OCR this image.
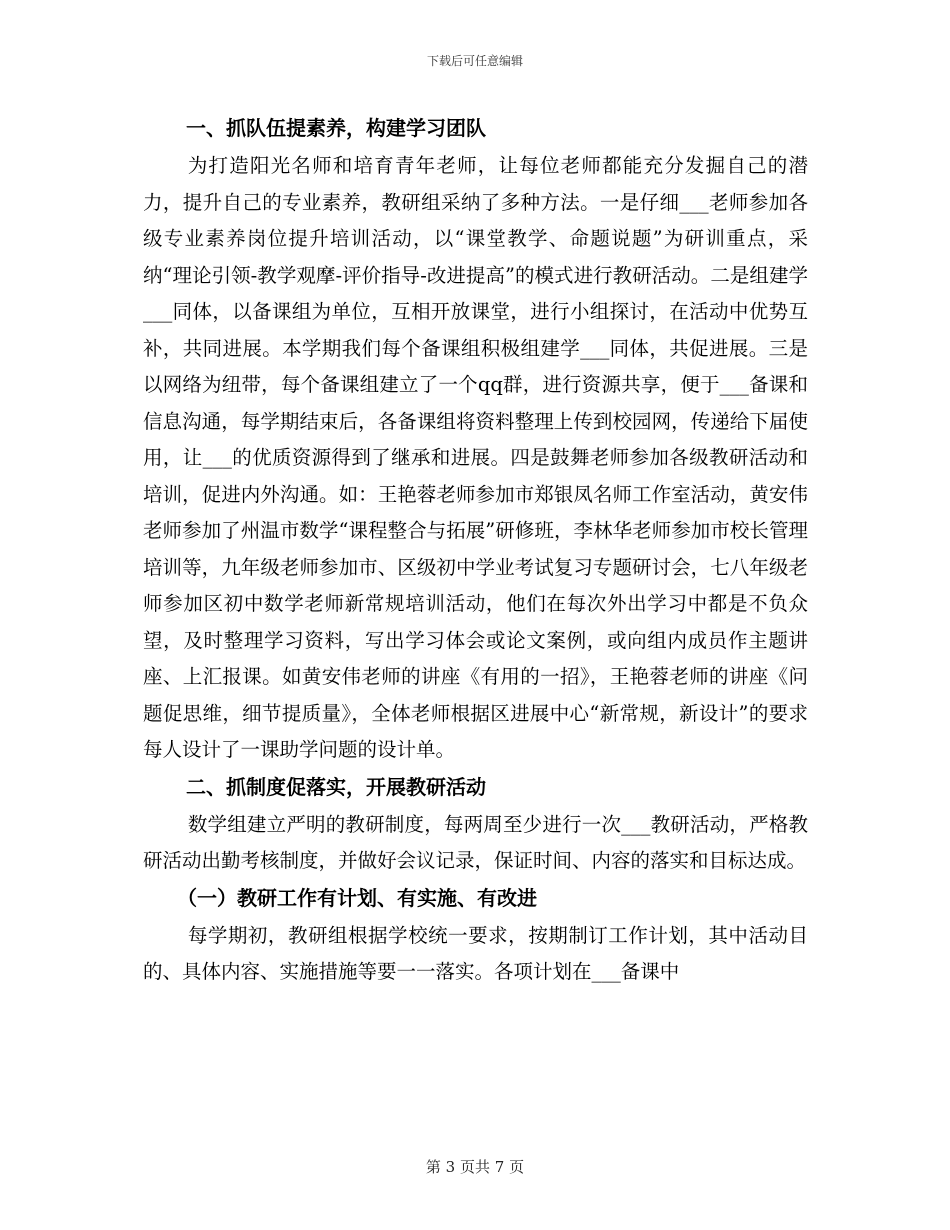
下载后可任意编辑
一、抓队伍提素养，构建学习团队

为打造阳光名师和培育青年老师，让每位老师都能充分发掘自己的潜力，提升自己的专业素养，教研组采纳了多种方法。一是仔细___老师参加各级专业素养岗位提升培训活动，以“课堂教学、命题说题”为研训重点，采纳“理论引领-教学观摩-评价指导-改进提高”的模式进行教研活动。二是组建学___同体，以备课组为单位，互相开放课堂，进行小组探讨，在活动中优势互补，共同进展。本学期我们每个备课组积极组建学___同体，共促进展。三是以网络为纽带，每个备课组建立了一个qq群，进行资源共享，便于___备课和信息沟通，每学期结束后，各备课组将资料整理上传到校园网，传递给下届使用，让___的优质资源得到了继承和进展。四是鼓舞老师参加各级教研活动和培训，促进内外沟通。如：王艳蓉老师参加市郑银凤名师工作室活动，黄安伟老师参加了州温市数学“课程整合与拓展”研修班，李林华老师参加市校长管理培训等，九年级老师参加市、区级初中学业考试复习专题研讨会，七八年级老师参加区初中数学老师新常规培训活动，他们在每次外出学习中都是不负众望，及时整理学习资料，写出学习体会或论文案例，或向组内成员作主题讲座、上汇报课。如黄安伟老师的讲座《有用的一招》，王艳蓉老师的讲座《问题促思维，细节提质量》，全体老师根据区进展中心“新常规，新设计”的要求每人设计了一课助学问题的设计单。

二、抓制度促落实，开展教研活动

数学组建立严明的教研制度，每两周至少进行一次___教研活动，严格教研活动出勤考核制度，并做好会议记录，保证时间、内容的落实和目标达成。

（一）教研工作有计划、有实施、有改进

每学期初，教研组根据学校统一要求，按期制订工作计划，其中活动目的、具体内容、实施措施等要一一落实。各项计划在___备课中

第 3 页共 7 页
